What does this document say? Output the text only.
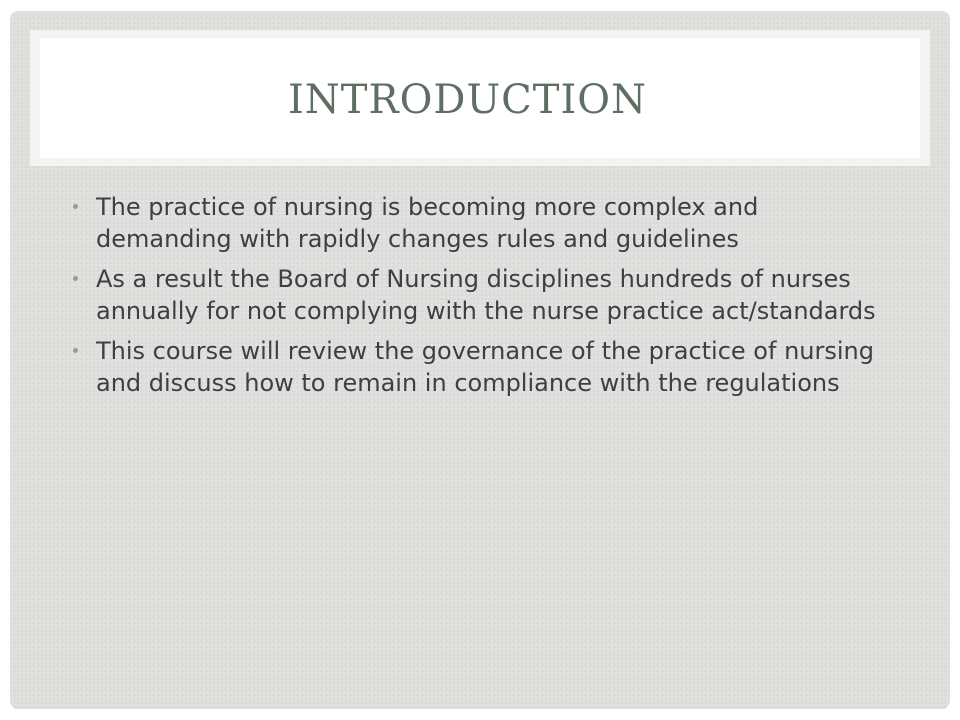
INTRODUCTION
The practice of nursing is becoming more complex and demanding with rapidly changes rules and guidelines
As a result the Board of Nursing disciplines hundreds of nurses annually for not complying with the nurse practice act/standards
This course will review the governance of the practice of nursing and discuss how to remain in compliance with the regulations
